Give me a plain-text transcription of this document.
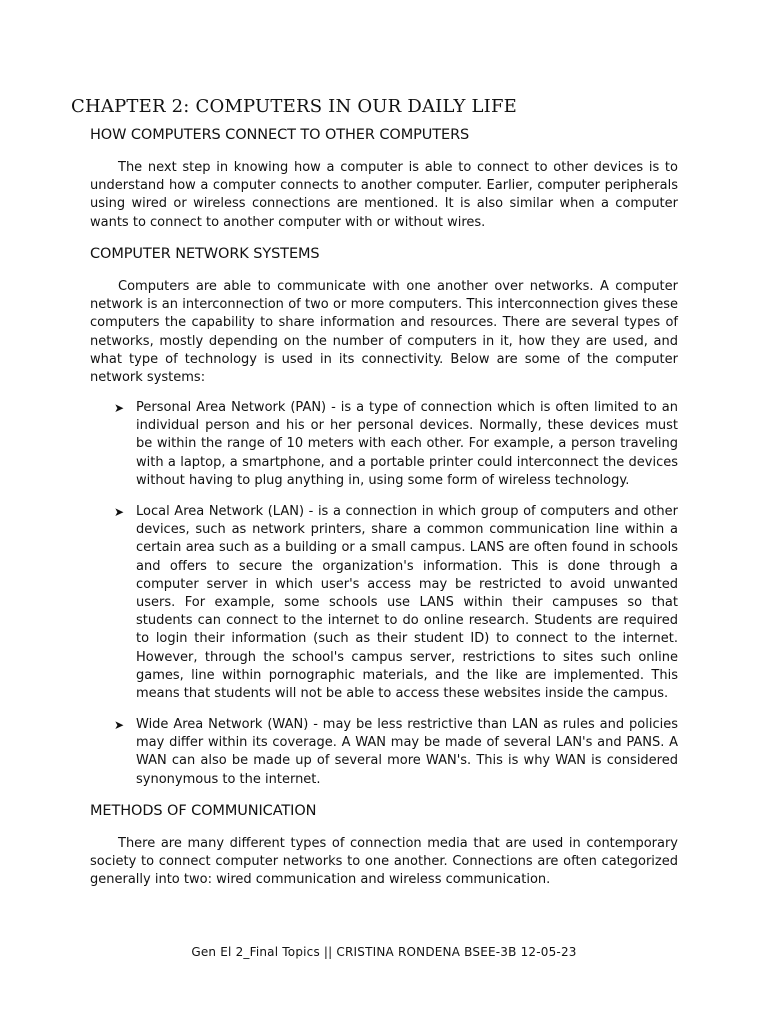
CHAPTER 2: COMPUTERS IN OUR DAILY LIFE
HOW COMPUTERS CONNECT TO OTHER COMPUTERS

The next step in knowing how a computer is able to connect to other devices is to understand how a computer connects to another computer. Earlier, computer peripherals using wired or wireless connections are mentioned. It is also similar when a computer wants to connect to another computer with or without wires.

COMPUTER NETWORK SYSTEMS

Computers are able to communicate with one another over networks. A computer network is an interconnection of two or more computers. This interconnection gives these computers the capability to share information and resources. There are several types of networks, mostly depending on the number of computers in it, how they are used, and what type of technology is used in its connectivity. Below are some of the computer network systems:

➤ Personal Area Network (PAN) - is a type of connection which is often limited to an individual person and his or her personal devices. Normally, these devices must be within the range of 10 meters with each other. For example, a person traveling with a laptop, a smartphone, and a portable printer could interconnect the devices without having to plug anything in, using some form of wireless technology.
➤ Local Area Network (LAN) - is a connection in which group of computers and other devices, such as network printers, share a common communication line within a certain area such as a building or a small campus. LANS are often found in schools and offers to secure the organization's information. This is done through a computer server in which user's access may be restricted to avoid unwanted users. For example, some schools use LANS within their campuses so that students can connect to the internet to do online research. Students are required to login their information (such as their student ID) to connect to the internet. However, through the school's campus server, restrictions to sites such online games, line within pornographic materials, and the like are implemented. This means that students will not be able to access these websites inside the campus.
➤ Wide Area Network (WAN) - may be less restrictive than LAN as rules and policies may differ within its coverage. A WAN may be made of several LAN's and PANS. A WAN can also be made up of several more WAN's. This is why WAN is considered synonymous to the internet.
METHODS OF COMMUNICATION

There are many different types of connection media that are used in contemporary society to connect computer networks to one another. Connections are often categorized generally into two: wired communication and wireless communication.

Gen El 2_Final Topics || CRISTINA RONDENA BSEE-3B 12-05-23
